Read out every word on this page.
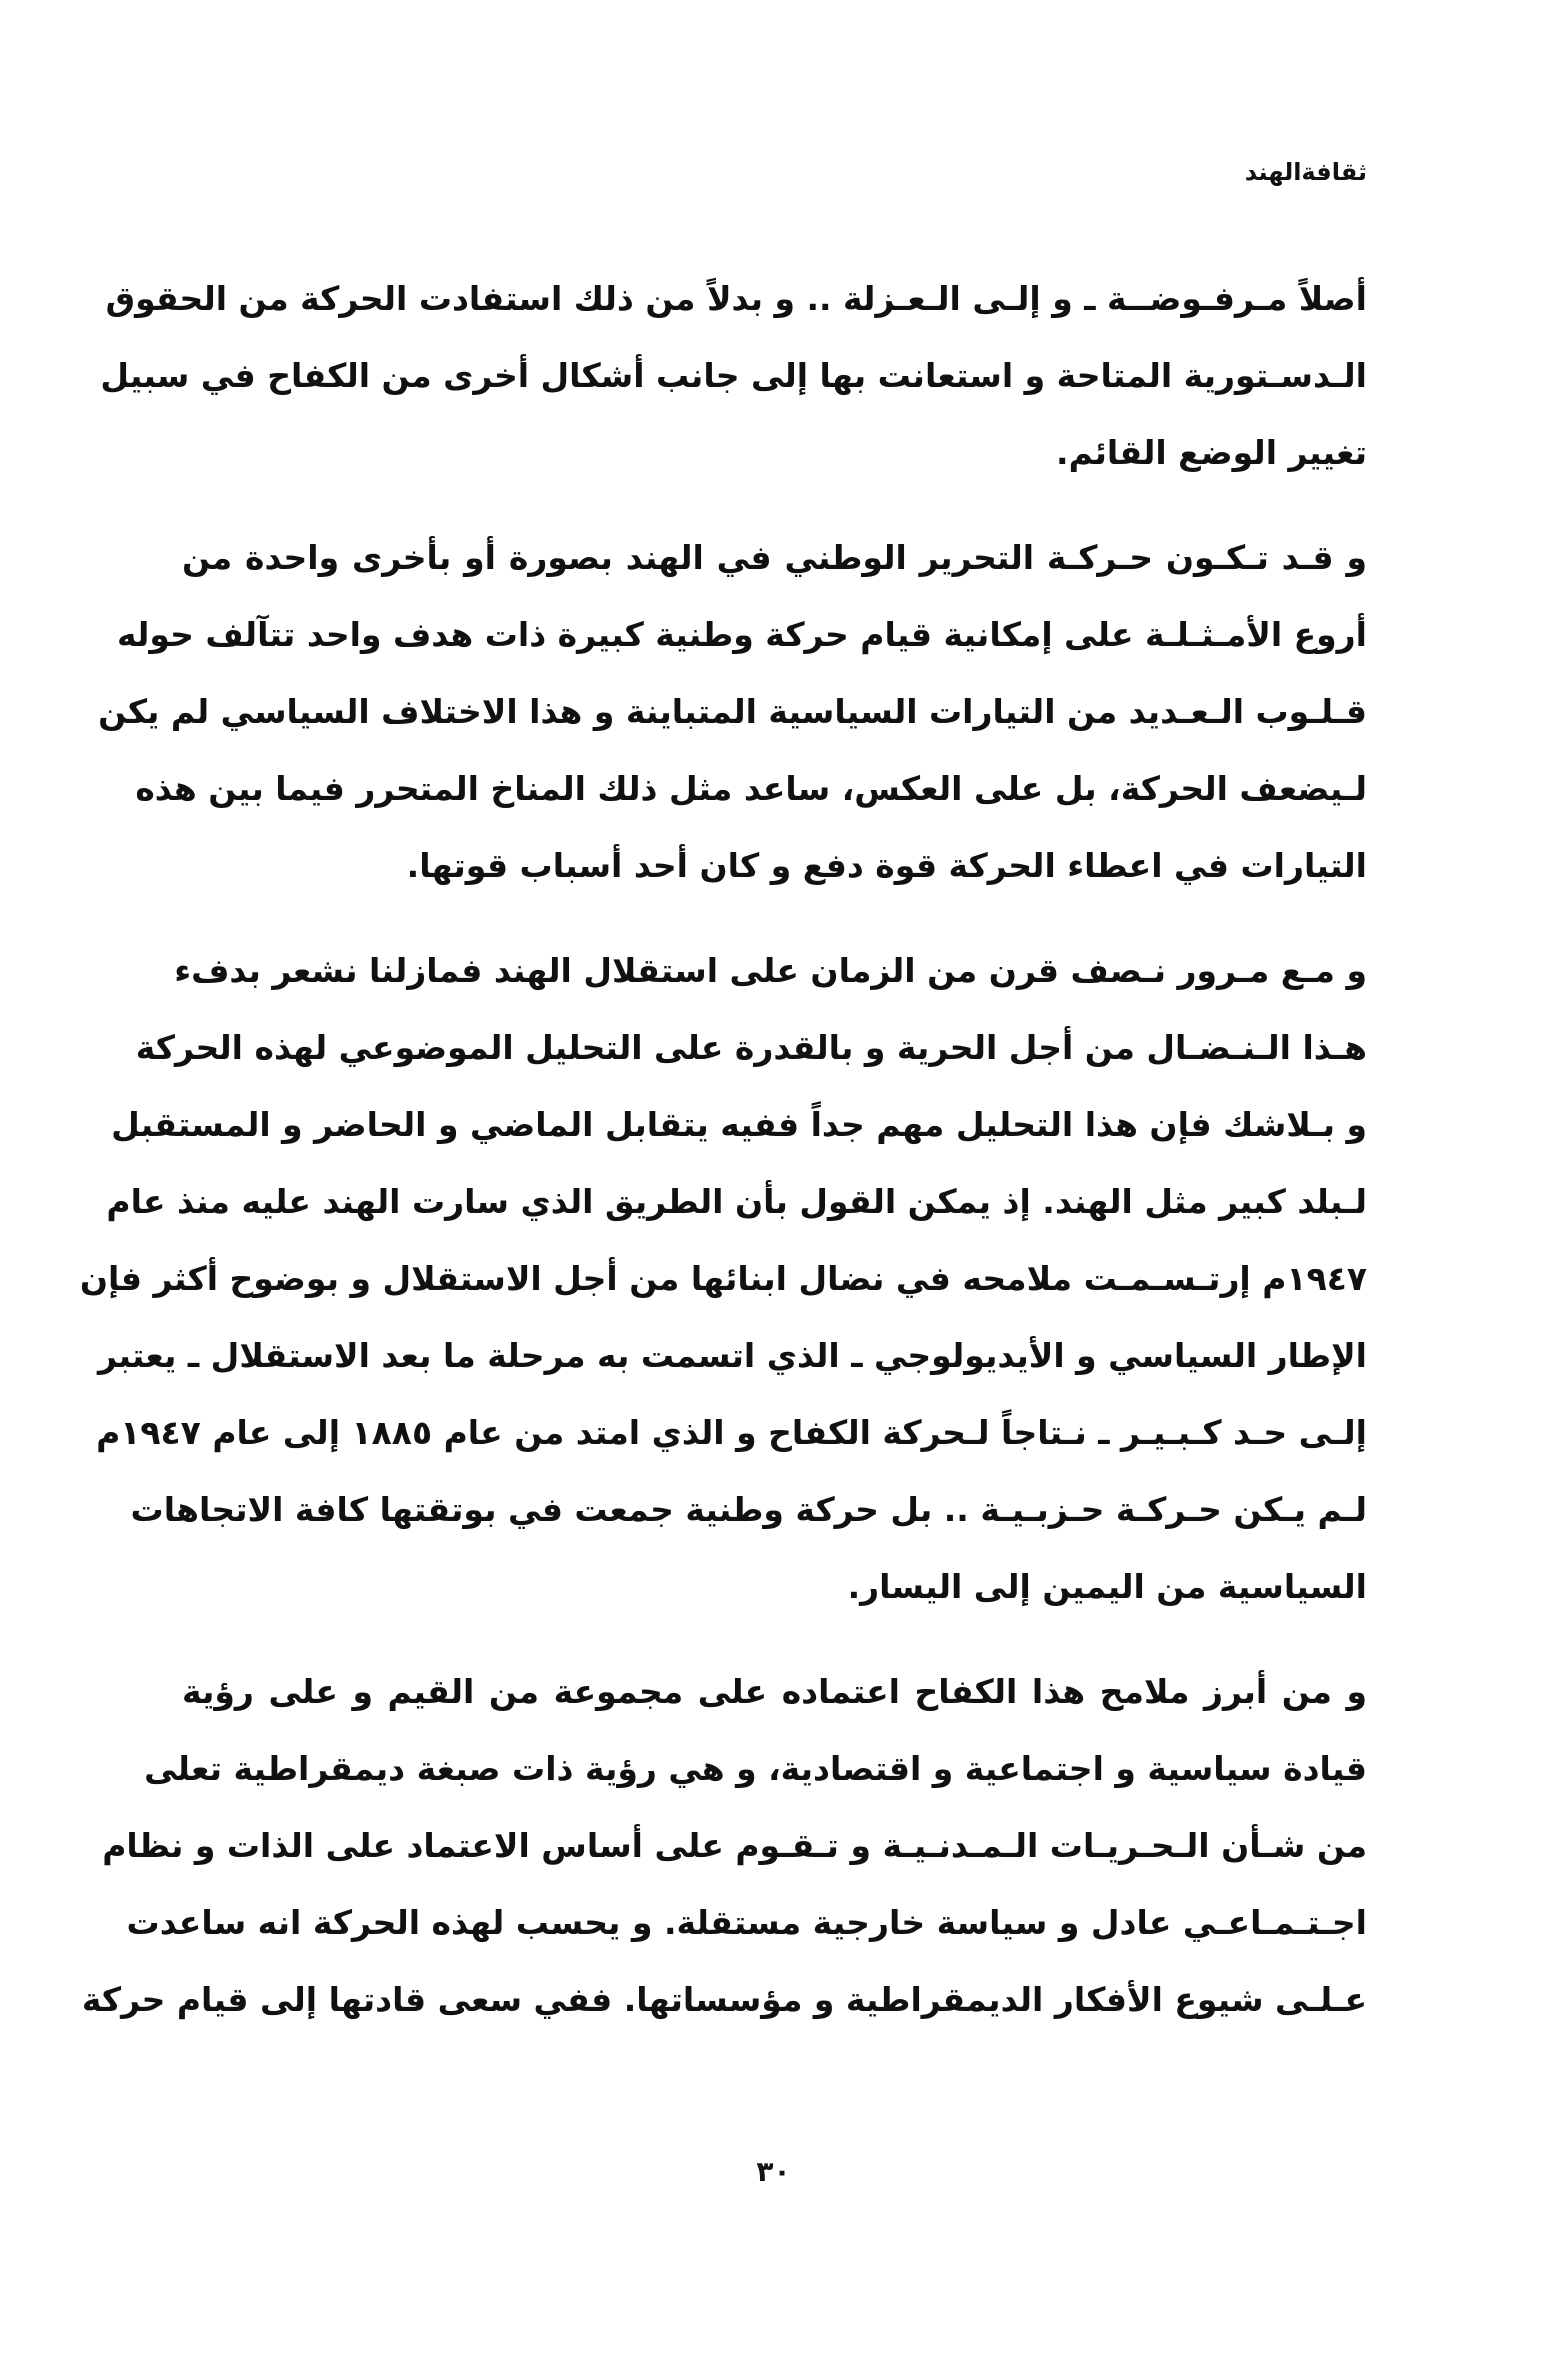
ثقافةالهند

أصلاً مـرفـوضــة ـ و إلـى الـعـزلة .. و بدلاً من ذلك استفادت الحركة من الحقوق
الـدسـتورية المتاحة و استعانت بها إلى جانب أشكال أخرى من الكفاح في سبيل
تغيير الوضع القائم.

و قـد تـكـون حـركـة التحرير الوطني في الهند بصورة أو بأخرى واحدة من
أروع الأمـثـلـة على إمكانية قيام حركة وطنية كبيرة ذات هدف واحد تتآلف حوله
قـلـوب الـعـديد من التيارات السياسية المتباينة و هذا الاختلاف السياسي لم يكن
لـيضعف الحركة، بل على العكس، ساعد مثل ذلك المناخ المتحرر فيما بين هذه
التيارات في اعطاء الحركة قوة دفع و كان أحد أسباب قوتها.

و مـع مـرور نـصف قرن من الزمان على استقلال الهند فمازلنا نشعر بدفء
هـذا الـنـضـال من أجل الحرية و بالقدرة على التحليل الموضوعي لهذه الحركة
و بـلاشك فإن هذا التحليل مهم جداً ففيه يتقابل الماضي و الحاضر و المستقبل
لـبلد كبير مثل الهند. إذ يمكن القول بأن الطريق الذي سارت الهند عليه منذ عام
١٩٤٧م إرتـسـمـت ملامحه في نضال ابنائها من أجل الاستقلال و بوضوح أكثر فإن
الإطار السياسي و الأيديولوجي ـ الذي اتسمت به مرحلة ما بعد الاستقلال ـ يعتبر
إلـى حـد كـبـيـر ـ نـتاجاً لـحركة الكفاح و الذي امتد من عام ١٨٨٥ إلى عام ١٩٤٧م
لـم يـكن حـركـة حـزبـيـة .. بل حركة وطنية جمعت في بوتقتها كافة الاتجاهات
السياسية من اليمين إلى اليسار.

و من أبرز ملامح هذا الكفاح اعتماده على مجموعة من القيم و على رؤية
قيادة سياسية و اجتماعية و اقتصادية، و هي رؤية ذات صبغة ديمقراطية تعلى
من شـأن الـحـريـات الـمـدنـيـة و تـقـوم على أساس الاعتماد على الذات و نظام
اجـتـمـاعـي عادل و سياسة خارجية مستقلة. و يحسب لهذه الحركة انه ساعدت
عـلـى شيوع الأفكار الديمقراطية و مؤسساتها. ففي سعى قادتها إلى قيام حركة

٣٠
